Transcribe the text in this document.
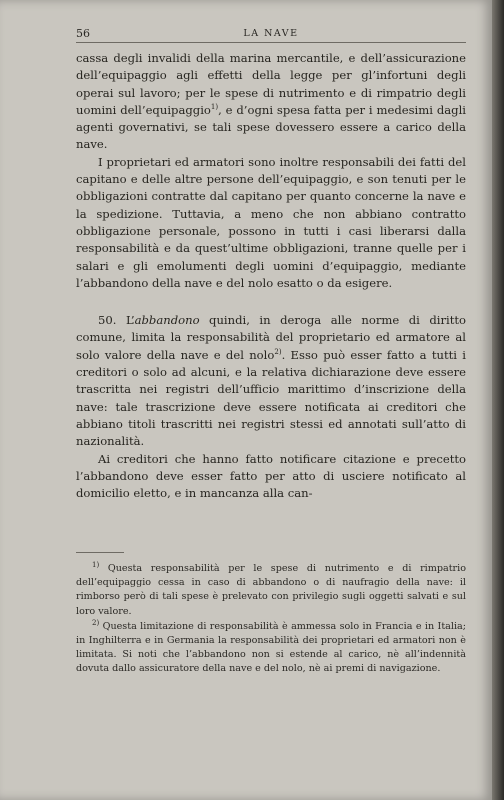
56	LA NAVE

cassa degli invalidi della marina mercantile, e dell’assicurazione dell’equipaggio agli effetti della legge per gl’infortuni degli operai sul lavoro; per le spese di nutrimento e di rimpatrio degli uomini dell’equipaggio$^{1)}$, e d’ogni spesa fatta per i medesimi dagli agenti governativi, se tali spese dovessero essere a carico della nave.

I proprietari ed armatori sono inoltre responsabili dei fatti del capitano e delle altre persone dell’equipaggio, e son tenuti per le obbligazioni contratte dal capitano per quanto concerne la nave e la spedizione. Tuttavia, a meno che non abbiano contratto obbligazione personale, possono in tutti i casi liberarsi dalla responsabilità e da quest’ultime obbligazioni, tranne quelle per i salari e gli emolumenti degli uomini d’equipaggio, mediante l’abbandono della nave e del nolo esatto o da esigere.

50. L’abbandono quindi, in deroga alle norme di diritto comune, limita la responsabilità del proprietario ed armatore al solo valore della nave e del nolo$^{2)}$. Esso può esser fatto a tutti i creditori o solo ad alcuni, e la relativa dichiarazione deve essere trascritta nei registri dell’ufficio marittimo d’inscrizione della nave: tale trascrizione deve essere notificata ai creditori che abbiano titoli trascritti nei registri stessi ed annotati sull’atto di nazionalità.

Ai creditori che hanno fatto notificare citazione e precetto l’abbandono deve esser fatto per atto di usciere notificato al domicilio eletto, e in mancanza alla can-

$^{1)}$ Questa responsabilità per le spese di nutrimento e di rimpatrio dell’equipaggio cessa in caso di abbandono o di naufragio della nave: il rimborso però di tali spese è prelevato con privilegio sugli oggetti salvati e sul loro valore.

$^{2)}$ Questa limitazione di responsabilità è ammessa solo in Francia e in Italia; in Inghilterra e in Germania la responsabilità dei proprietari ed armatori non è limitata. Si noti che l’abbandono non si estende al carico, nè all’indennità dovuta dallo assicuratore della nave e del nolo, nè ai premi di navigazione.
